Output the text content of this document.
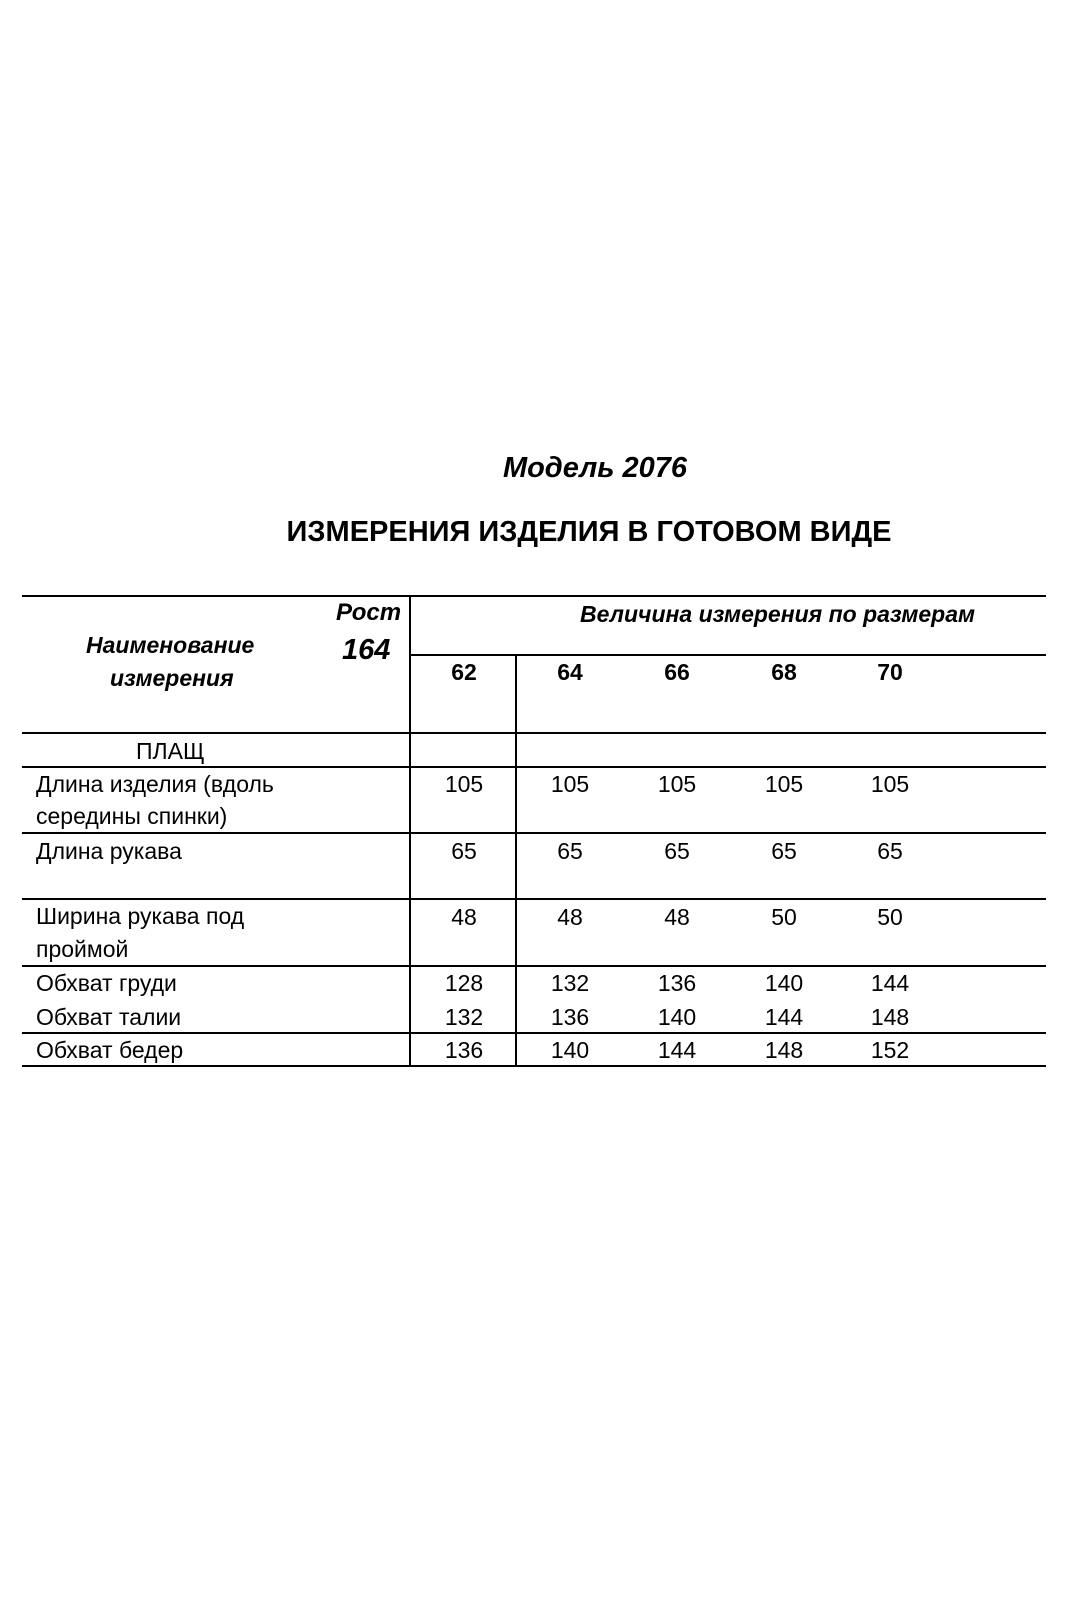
Модель 2076
ИЗМЕРЕНИЯ ИЗДЕЛИЯ В ГОТОВОМ ВИДЕ
Наименование
измерения
Рост
164
Величина измерения по размерам
62	64	66	68	70
ПЛАЩ
Длина изделия (вдоль
середины спинки)
105	105	105	105	105
Длина рукава	65	65	65	65	65
Ширина рукава под
проймой
48	48	48	50	50
Обхват груди	128	132	136	140	144
Обхват талии	132	136	140	144	148
Обхват бедер	136	140	144	148	152
